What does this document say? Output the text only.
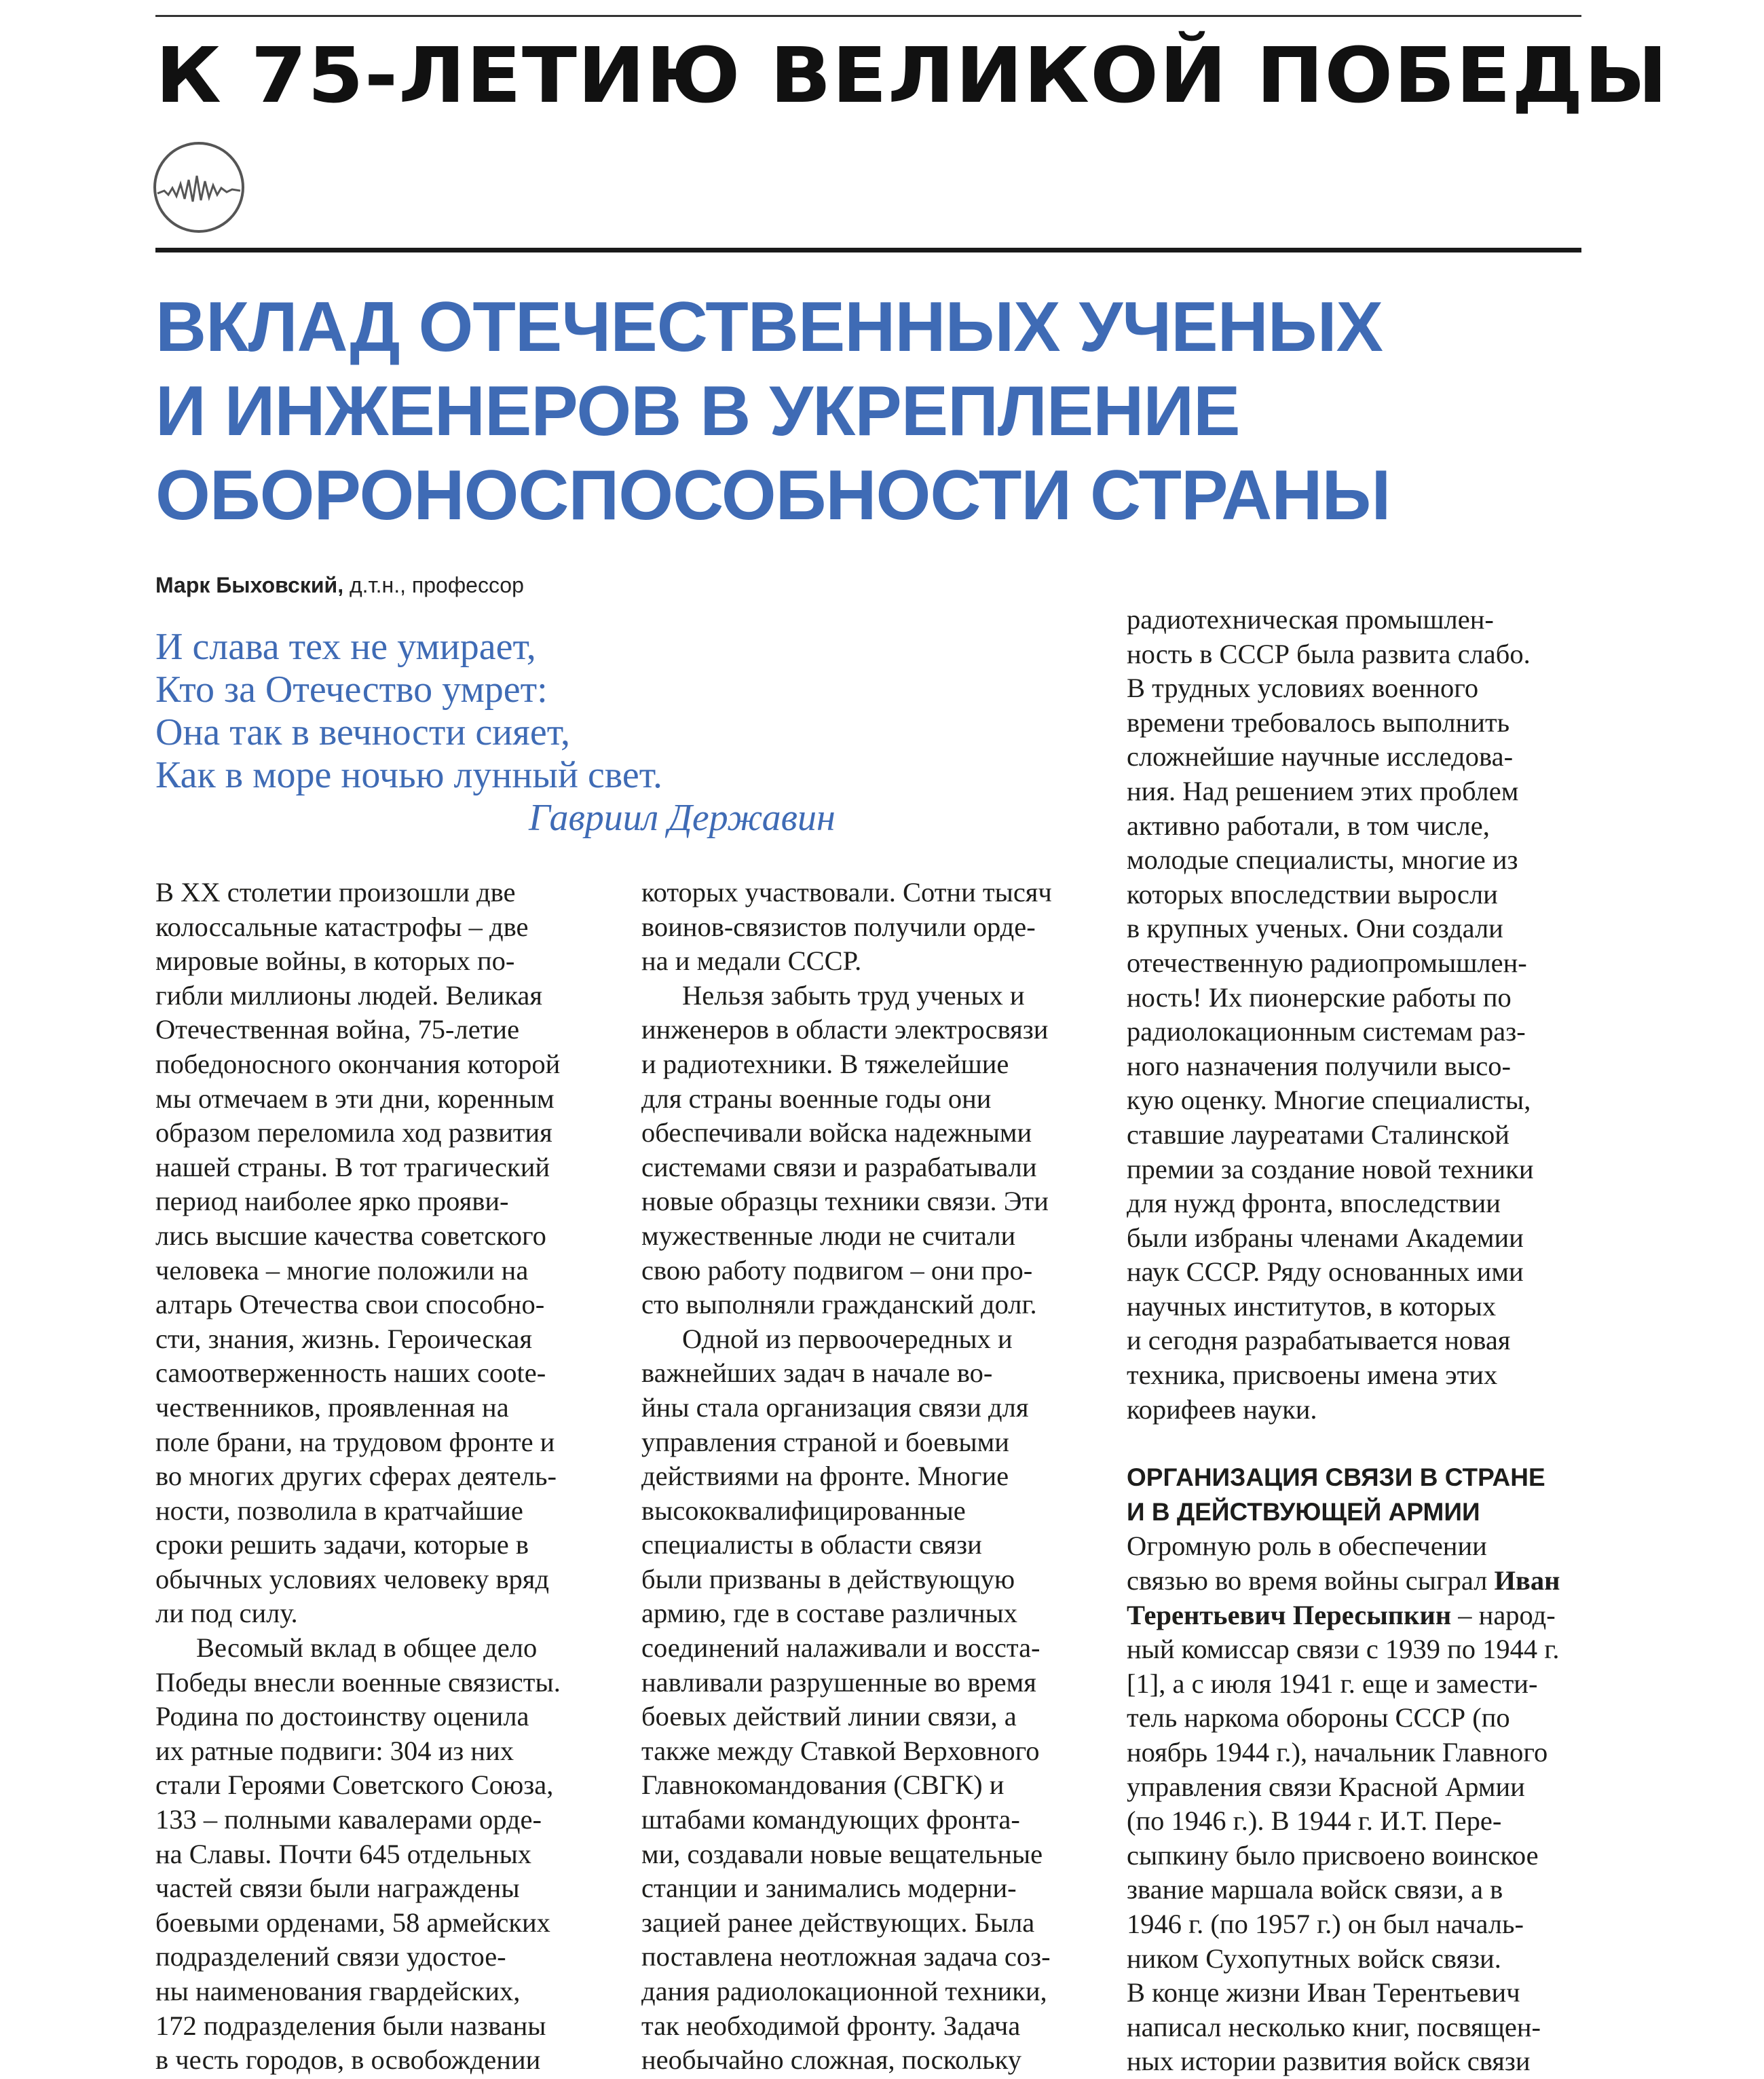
К 75-ЛЕТИЮ ВЕЛИКОЙ ПОБЕДЫ
ВКЛАД ОТЕЧЕСТВЕННЫХ УЧЕНЫХ
И ИНЖЕНЕРОВ В УКРЕПЛЕНИЕ
ОБОРОНОСПОСОБНОСТИ СТРАНЫ
Марк Быховский, д.т.н., профессор
И слава тех не умирает,
Кто за Отечество умрет:
Она так в вечности сияет,
Как в море ночью лунный свет.
Гавриил Державин
В XX столетии произошли две
колоссальные катастрофы – две
мировые войны, в которых по-
гибли миллионы людей. Великая
Отечественная война, 75-летие
победоносного окончания которой
мы отмечаем в эти дни, коренным
образом переломила ход развития
нашей страны. В тот трагический
период наиболее ярко прояви-
лись высшие качества советского
человека – многие положили на
алтарь Отечества свои способно-
сти, знания, жизнь. Героическая
самоотверженность наших соote-
чественников, проявленная на
поле брани, на трудовом фронте и
во многих других сферах деятель-
ности, позволила в кратчайшие
сроки решить задачи, которые в
обычных условиях человеку вряд
ли под силу.
Весомый вклад в общее дело
Победы внесли военные связисты.
Родина по достоинству оценила
их ратные подвиги: 304 из них
стали Героями Советского Союза,
133 – полными кавалерами орде-
на Славы. Почти 645 отдельных
частей связи были награждены
боевыми орденами, 58 армейских
подразделений связи удостое-
ны наименования гвардейских,
172 подразделения были названы
в честь городов, в освобождении
которых участвовали. Сотни тысяч
воинов-связистов получили орде-
на и медали СССР.
Нельзя забыть труд ученых и
инженеров в области электросвязи
и радиотехники. В тяжелейшие
для страны военные годы они
обеспечивали войска надежными
системами связи и разрабатывали
новые образцы техники связи. Эти
мужественные люди не считали
свою работу подвигом – они про-
сто выполняли гражданский долг.
Одной из первоочередных и
важнейших задач в начале во-
йны стала организация связи для
управления страной и боевыми
действиями на фронте. Многие
высококвалифицированные
специалисты в области связи
были призваны в действующую
армию, где в составе различных
соединений налаживали и восста-
навливали разрушенные во время
боевых действий линии связи, а
также между Ставкой Верховного
Главнокомандования (СВГК) и
штабами командующих фронта-
ми, создавали новые вещательные
станции и занимались модерни-
зацией ранее действующих. Была
поставлена неотложная задача соз-
дания радиолокационной техники,
так необходимой фронту. Задача
необычайно сложная, поскольку
радиотехническая промышлен-
ность в СССР была развита слабо.
В трудных условиях военного
времени требовалось выполнить
сложнейшие научные исследова-
ния. Над решением этих проблем
активно работали, в том числе,
молодые специалисты, многие из
которых впоследствии выросли
в крупных ученых. Они создали
отечественную радиопромышлен-
ность! Их пионерские работы по
радиолокационным системам раз-
ного назначения получили высо-
кую оценку. Многие специалисты,
ставшие лауреатами Сталинской
премии за создание новой техники
для нужд фронта, впоследствии
были избраны членами Академии
наук СССР. Ряду основанных ими
научных институтов, в которых
и сегодня разрабатывается новая
техника, присвоены имена этих
корифеев науки.
ОРГАНИЗАЦИЯ СВЯЗИ В СТРАНЕ
И В ДЕЙСТВУЮЩЕЙ АРМИИ
Огромную роль в обеспечении
связью во время войны сыграл Иван
Терентьевич Пересыпкин – народ-
ный комиссар связи с 1939 по 1944 г.
[1], а с июля 1941 г. еще и замести-
тель наркома обороны СССР (по
ноябрь 1944 г.), начальник Главного
управления связи Красной Армии
(по 1946 г.). В 1944 г. И.Т. Пере-
сыпкину было присвоено воинское
звание маршала войск связи, а в
1946 г. (по 1957 г.) он был началь-
ником Сухопутных войск связи.
В конце жизни Иван Терентьевич
написал несколько книг, посвящен-
ных истории развития войск связи
